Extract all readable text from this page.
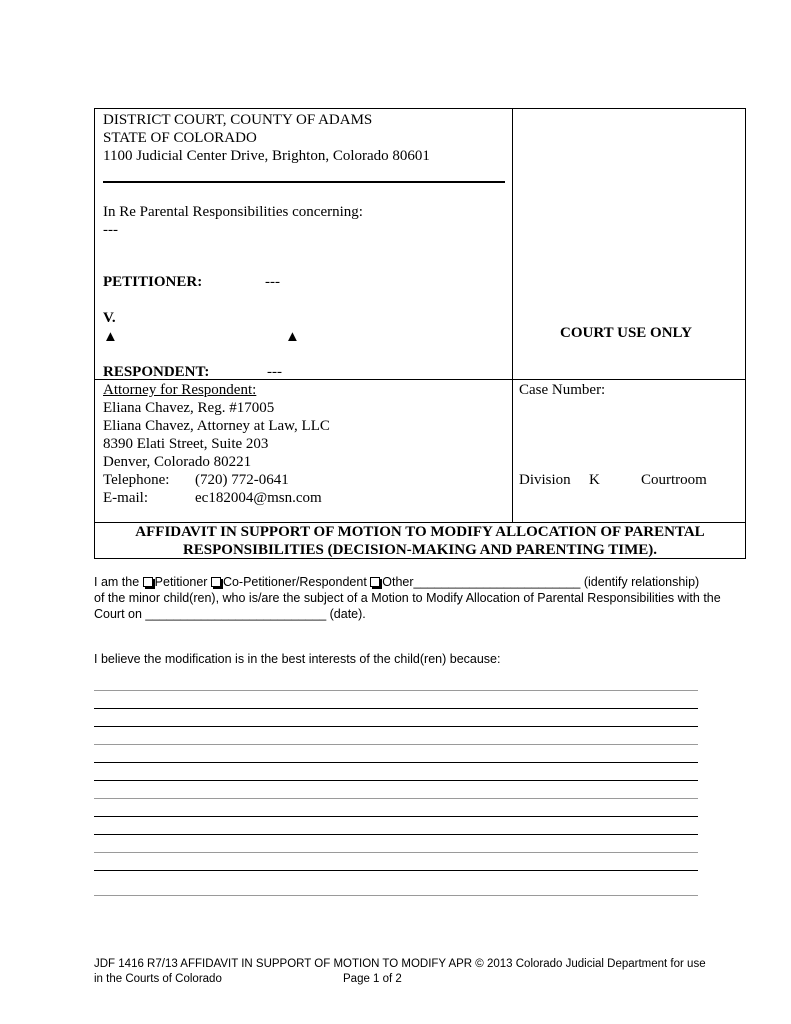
DISTRICT COURT, COUNTY OF ADAMS
STATE OF COLORADO
1100 Judicial Center Drive, Brighton, Colorado 80601
In Re Parental Responsibilities concerning:
---
PETITIONER:	---
V.
▲	▲
RESPONDENT:	---
COURT USE ONLY
Attorney for Respondent:
Eliana Chavez, Reg. #17005
Eliana Chavez, Attorney at Law, LLC
8390 Elati Street, Suite 203
Denver, Colorado 80221
Telephone: (720) 772-0641
E-mail:	ec182004@msn.com
Case Number:
Division K	Courtroom
AFFIDAVIT IN SUPPORT OF MOTION TO MODIFY ALLOCATION OF PARENTAL
RESPONSIBILITIES (DECISION-MAKING AND PARENTING TIME).
I am the Petitioner Co-Petitioner/Respondent Other________________________ (identify relationship)
of the minor child(ren), who is/are the subject of a Motion to Modify Allocation of Parental Responsibilities with the
Court on __________________________ (date).
I believe the modification is in the best interests of the child(ren) because:
JDF 1416 R7/13 AFFIDAVIT IN SUPPORT OF MOTION TO MODIFY APR © 2013 Colorado Judicial Department for use
in the Courts of Colorado	Page 1 of 2
